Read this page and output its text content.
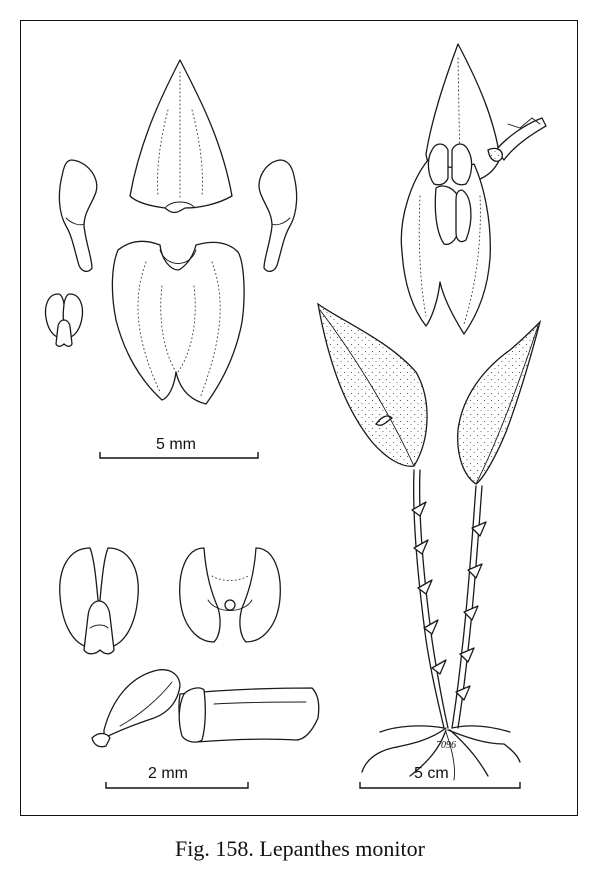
5 mm
2 mm	5 cm
7096
Fig. 158. Lepanthes monitor
